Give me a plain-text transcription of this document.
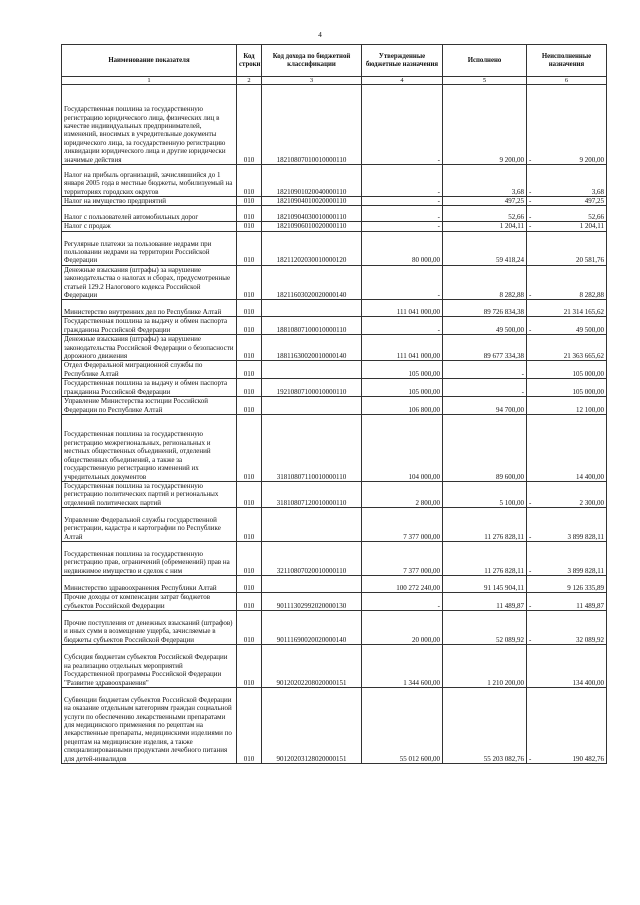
4
Наименование показателя	Код строки	Код дохода по бюджетной классификации	Утвержденные бюджетные назначения	Исполнено	Неисполненные назначения
1	2	3	4	5	6
Государственная пошлина за государственную регистрацию юридического лица, физических лиц в качестве индивидуальных предпринимателей, изменений, вносимых в учредительные документы юридического лица, за государственную регистрацию ликвидации юридического лица и другие юридически значимые действия	010	18210807010010000110	-	9 200,00	- 9 200,00
Налог на прибыль организаций, зачислявшийся до 1 января 2005 года в местные бюджеты, мобилизуемый на территориях городских округов	010	18210901020040000110	-	3,68	- 3,68
Налог на имущество предприятий	010	18210904010020000110	-	497,25	- 497,25
Налог с пользователей автомобильных дорог	010	18210904030010000110	-	52,66	- 52,66
Налог с продаж	010	18210906010020000110	-	1 204,11	- 1 204,11
Регулярные платежи за пользование недрами при пользовании недрами на территории Российской Федерации	010	18211202030010000120	80 000,00	59 418,24	20 581,76
Денежные взыскания (штрафы) за нарушение законодательства о налогах и сборах, предусмотренные статьей 129.2 Налогового кодекса Российской Федерации	010	18211603020020000140	-	8 282,88	- 8 282,88
Министерство внутренних дел по Республике Алтай	010		111 041 000,00	89 726 834,38	21 314 165,62
Государственная пошлина за выдачу и обмен паспорта гражданина Российской Федерации	010	18810807100010000110	-	49 500,00	- 49 500,00
Денежные взыскания (штрафы) за нарушение законодательства Российской Федерации о безопасности дорожного движения	010	18811630020010000140	111 041 000,00	89 677 334,38	21 363 665,62
Отдел Федеральной миграционной службы по Республике Алтай	010		105 000,00	-	105 000,00
Государственная пошлина за выдачу и обмен паспорта гражданина Российской Федерации	010	19210807100010000110	105 000,00	-	105 000,00
Управление Министерства юстиции Российской Федерации по Республике Алтай	010		106 800,00	94 700,00	12 100,00
Государственная пошлина за государственную регистрацию межрегиональных, региональных и местных общественных объединений, отделений общественных объединений, а также за государственную регистрацию изменений их учредительных документов	010	31810807110010000110	104 000,00	89 600,00	14 400,00
Государственная пошлина за государственную регистрацию политических партий и региональных отделений политических партий	010	31810807120010000110	2 800,00	5 100,00	- 2 300,00
Управление Федеральной службы государственной регистрации, кадастра и картографии по Республике Алтай	010		7 377 000,00	11 276 828,11	- 3 899 828,11
Государственная пошлина за государственную регистрацию прав, ограничений (обременений) прав на недвижимое имущество и сделок с ним	010	32110807020010000110	7 377 000,00	11 276 828,11	- 3 899 828,11
Министерство здравоохранения Республики Алтай	010		100 272 240,00	91 145 904,11	9 126 335,89
Прочие доходы от компенсации затрат бюджетов субъектов Российской Федерации	010	90111302992020000130	-	11 489,87	- 11 489,87
Прочие поступления от денежных взысканий (штрафов) и иных сумм в возмещение ущерба, зачисляемые в бюджеты субъектов Российской Федерации	010	90111690020020000140	20 000,00	52 089,92	- 32 089,92
Субсидия бюджетам субъектов Российской Федерации на реализацию отдельных мероприятий Государственной программы Российской Федерации "Развитие здравоохранения"	010	90120202208020000151	1 344 600,00	1 210 200,00	134 400,00
Субвенции бюджетам субъектов Российской Федерации на оказание отдельным категориям граждан социальной услуги по обеспечению лекарственными препаратами для медицинского применения по рецептам на лекарственные препараты, медицинскими изделиями по рецептам на медицинские изделия, а также специализированными продуктами лечебного питания для детей-инвалидов	010	90120203128020000151	55 012 600,00	55 203 082,76	- 190 482,76
